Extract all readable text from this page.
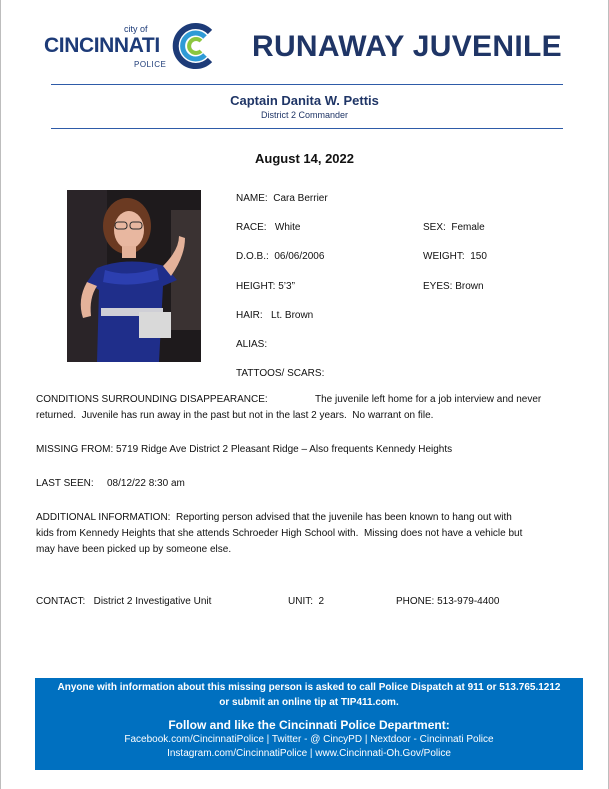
city of
CINCINNATI
POLICE
RUNAWAY JUVENILE
Captain Danita W. Pettis
District 2 Commander
August 14, 2022
NAME:  Cara Berrier
RACE:   White	SEX:  Female
D.O.B.:  06/06/2006	WEIGHT:  150
HEIGHT: 5’3”	EYES: Brown
HAIR:   Lt. Brown
ALIAS:
TATTOOS/ SCARS:
CONDITIONS SURROUNDING DISAPPEARANCE:	The juvenile left home for a job interview and never
returned.  Juvenile has run away in the past but not in the last 2 years.  No warrant on file.
MISSING FROM: 5719 Ridge Ave District 2 Pleasant Ridge – Also frequents Kennedy Heights
LAST SEEN: 08/12/22 8:30 am
ADDITIONAL INFORMATION:  Reporting person advised that the juvenile has been known to hang out with
kids from Kennedy Heights that she attends Schroeder High School with.  Missing does not have a vehicle but
may have been picked up by someone else.
CONTACT:   District 2 Investigative Unit	UNIT:  2	PHONE: 513-979-4400
Anyone with information about this missing person is asked to call Police Dispatch at 911 or 513.765.1212
or submit an online tip at TIP411.com.
Follow and like the Cincinnati Police Department:
Facebook.com/CincinnatiPolice | Twitter - @ CincyPD | Nextdoor - Cincinnati Police
Instagram.com/CincinnatiPolice | www.Cincinnati-Oh.Gov/Police
